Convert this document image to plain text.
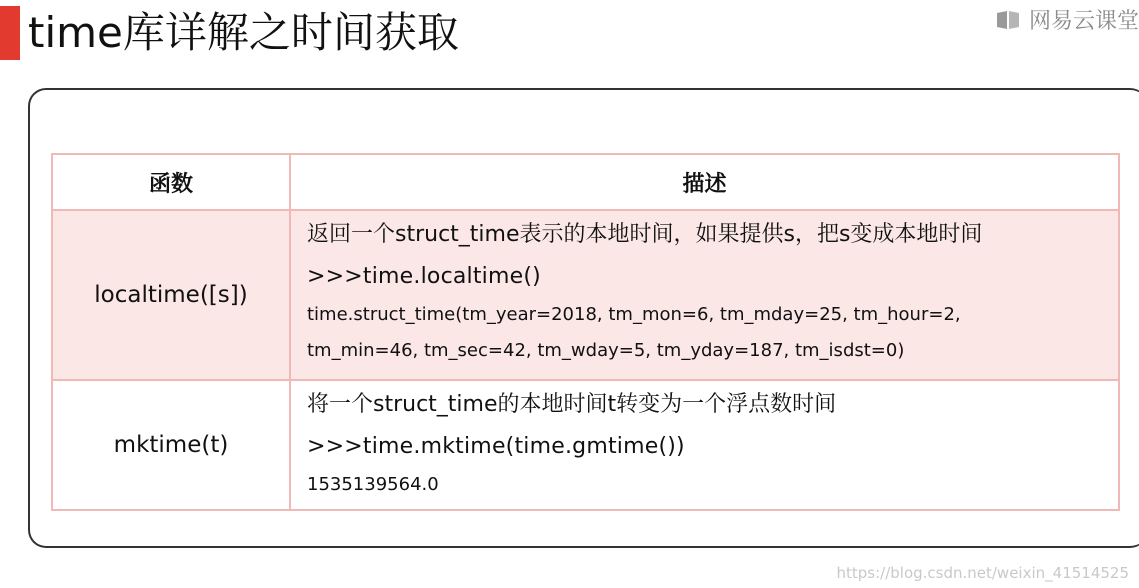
time库详解之时间获取	网易云课堂
函数	描述
localtime([s])	返回一个struct_time表示的本地时间，如果提供s，把s变成本地时间
>>>time.localtime()
time.struct_time(tm_year=2018, tm_mon=6, tm_mday=25, tm_hour=2,
tm_min=46, tm_sec=42, tm_wday=5, tm_yday=187, tm_isdst=0)

mktime(t)	将一个struct_time的本地时间t转变为一个浮点数时间
>>>time.mktime(time.gmtime())
1535139564.0
https://blog.csdn.net/weixin_41514525
